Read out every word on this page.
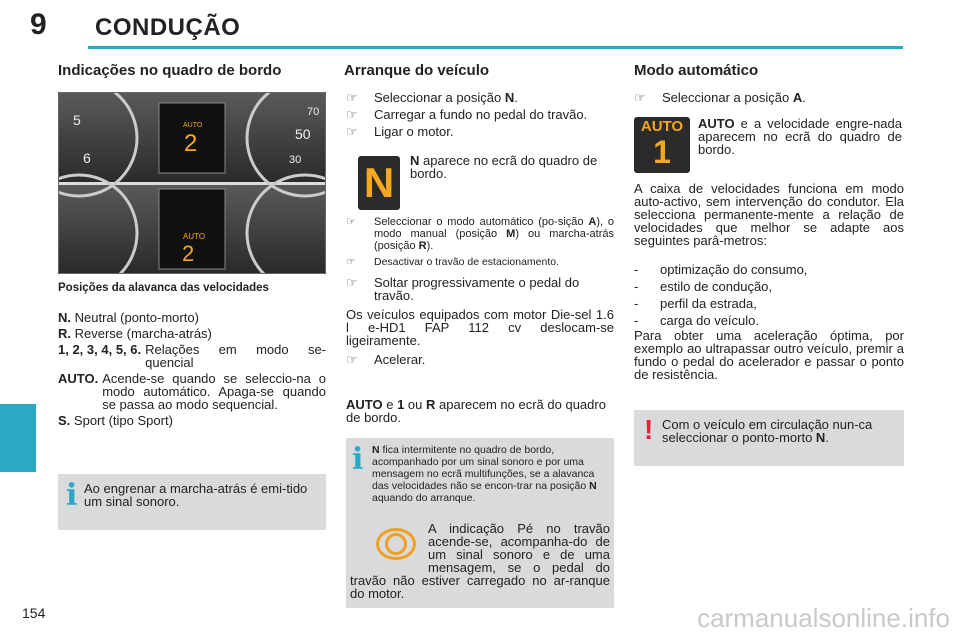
9 CONDUÇÃO
154	carmanualsonline.info
Indicações no quadro de bordo
5
6
50
70
30
AUTO
2
AUTO
2
Posições da alavanca das velocidades
N. Neutral (ponto-morto)
R. Reverse (marcha-atrás)
1, 2, 3, 4, 5, 6. Relações em modo se-quencial
AUTO. Acende-se quando se seleccio-na o modo automático. Apaga-se quando se passa ao modo sequencial.
S. Sport (tipo Sport)
i Ao engrenar a marcha-atrás é emi-tido um sinal sonoro.
Arranque do veículo
☞ Seleccionar a posição N.
☞ Carregar a fundo no pedal do travão.
☞ Ligar o motor.
N	N aparece no ecrã do quadro de bordo.
☞ Seleccionar o modo automático (po-sição A), o modo manual (posição M) ou marcha-atrás (posição R).
☞ Desactivar o travão de estacionamento.
☞ Soltar progressivamente o pedal do travão.
Os veículos equipados com motor Die-sel 1.6 l e-HD1 FAP 112 cv deslocam-se ligeiramente.
☞ Acelerar.
AUTO e 1 ou R aparecem no ecrã do quadro de bordo.
i N fica intermitente no quadro de bordo, acompanhado por um sinal sonoro e por uma mensagem no ecrã multifunções, se a alavanca das velocidades não se encon-trar na posição N aquando do arranque.
A indicação Pé no travão acende-se, acompanha-do de um sinal sonoro e de uma mensagem, se o pedal do travão não estiver carregado no ar-ranque do motor.
Modo automático
☞ Seleccionar a posição A.
AUTO
1
AUTO e a velocidade engre-nada aparecem no ecrã do quadro de bordo.
A caixa de velocidades funciona em modo auto-activo, sem intervenção do condutor. Ela selecciona permanente-mente a relação de velocidades que melhor se adapte aos seguintes parâ-metros:
- optimização do consumo,
- estilo de condução,
- perfil da estrada,
- carga do veículo.
Para obter uma aceleração óptima, por exemplo ao ultrapassar outro veículo, premir a fundo o pedal do acelerador e passar o ponto de resistência.
! Com o veículo em circulação nun-ca seleccionar o ponto-morto N.
